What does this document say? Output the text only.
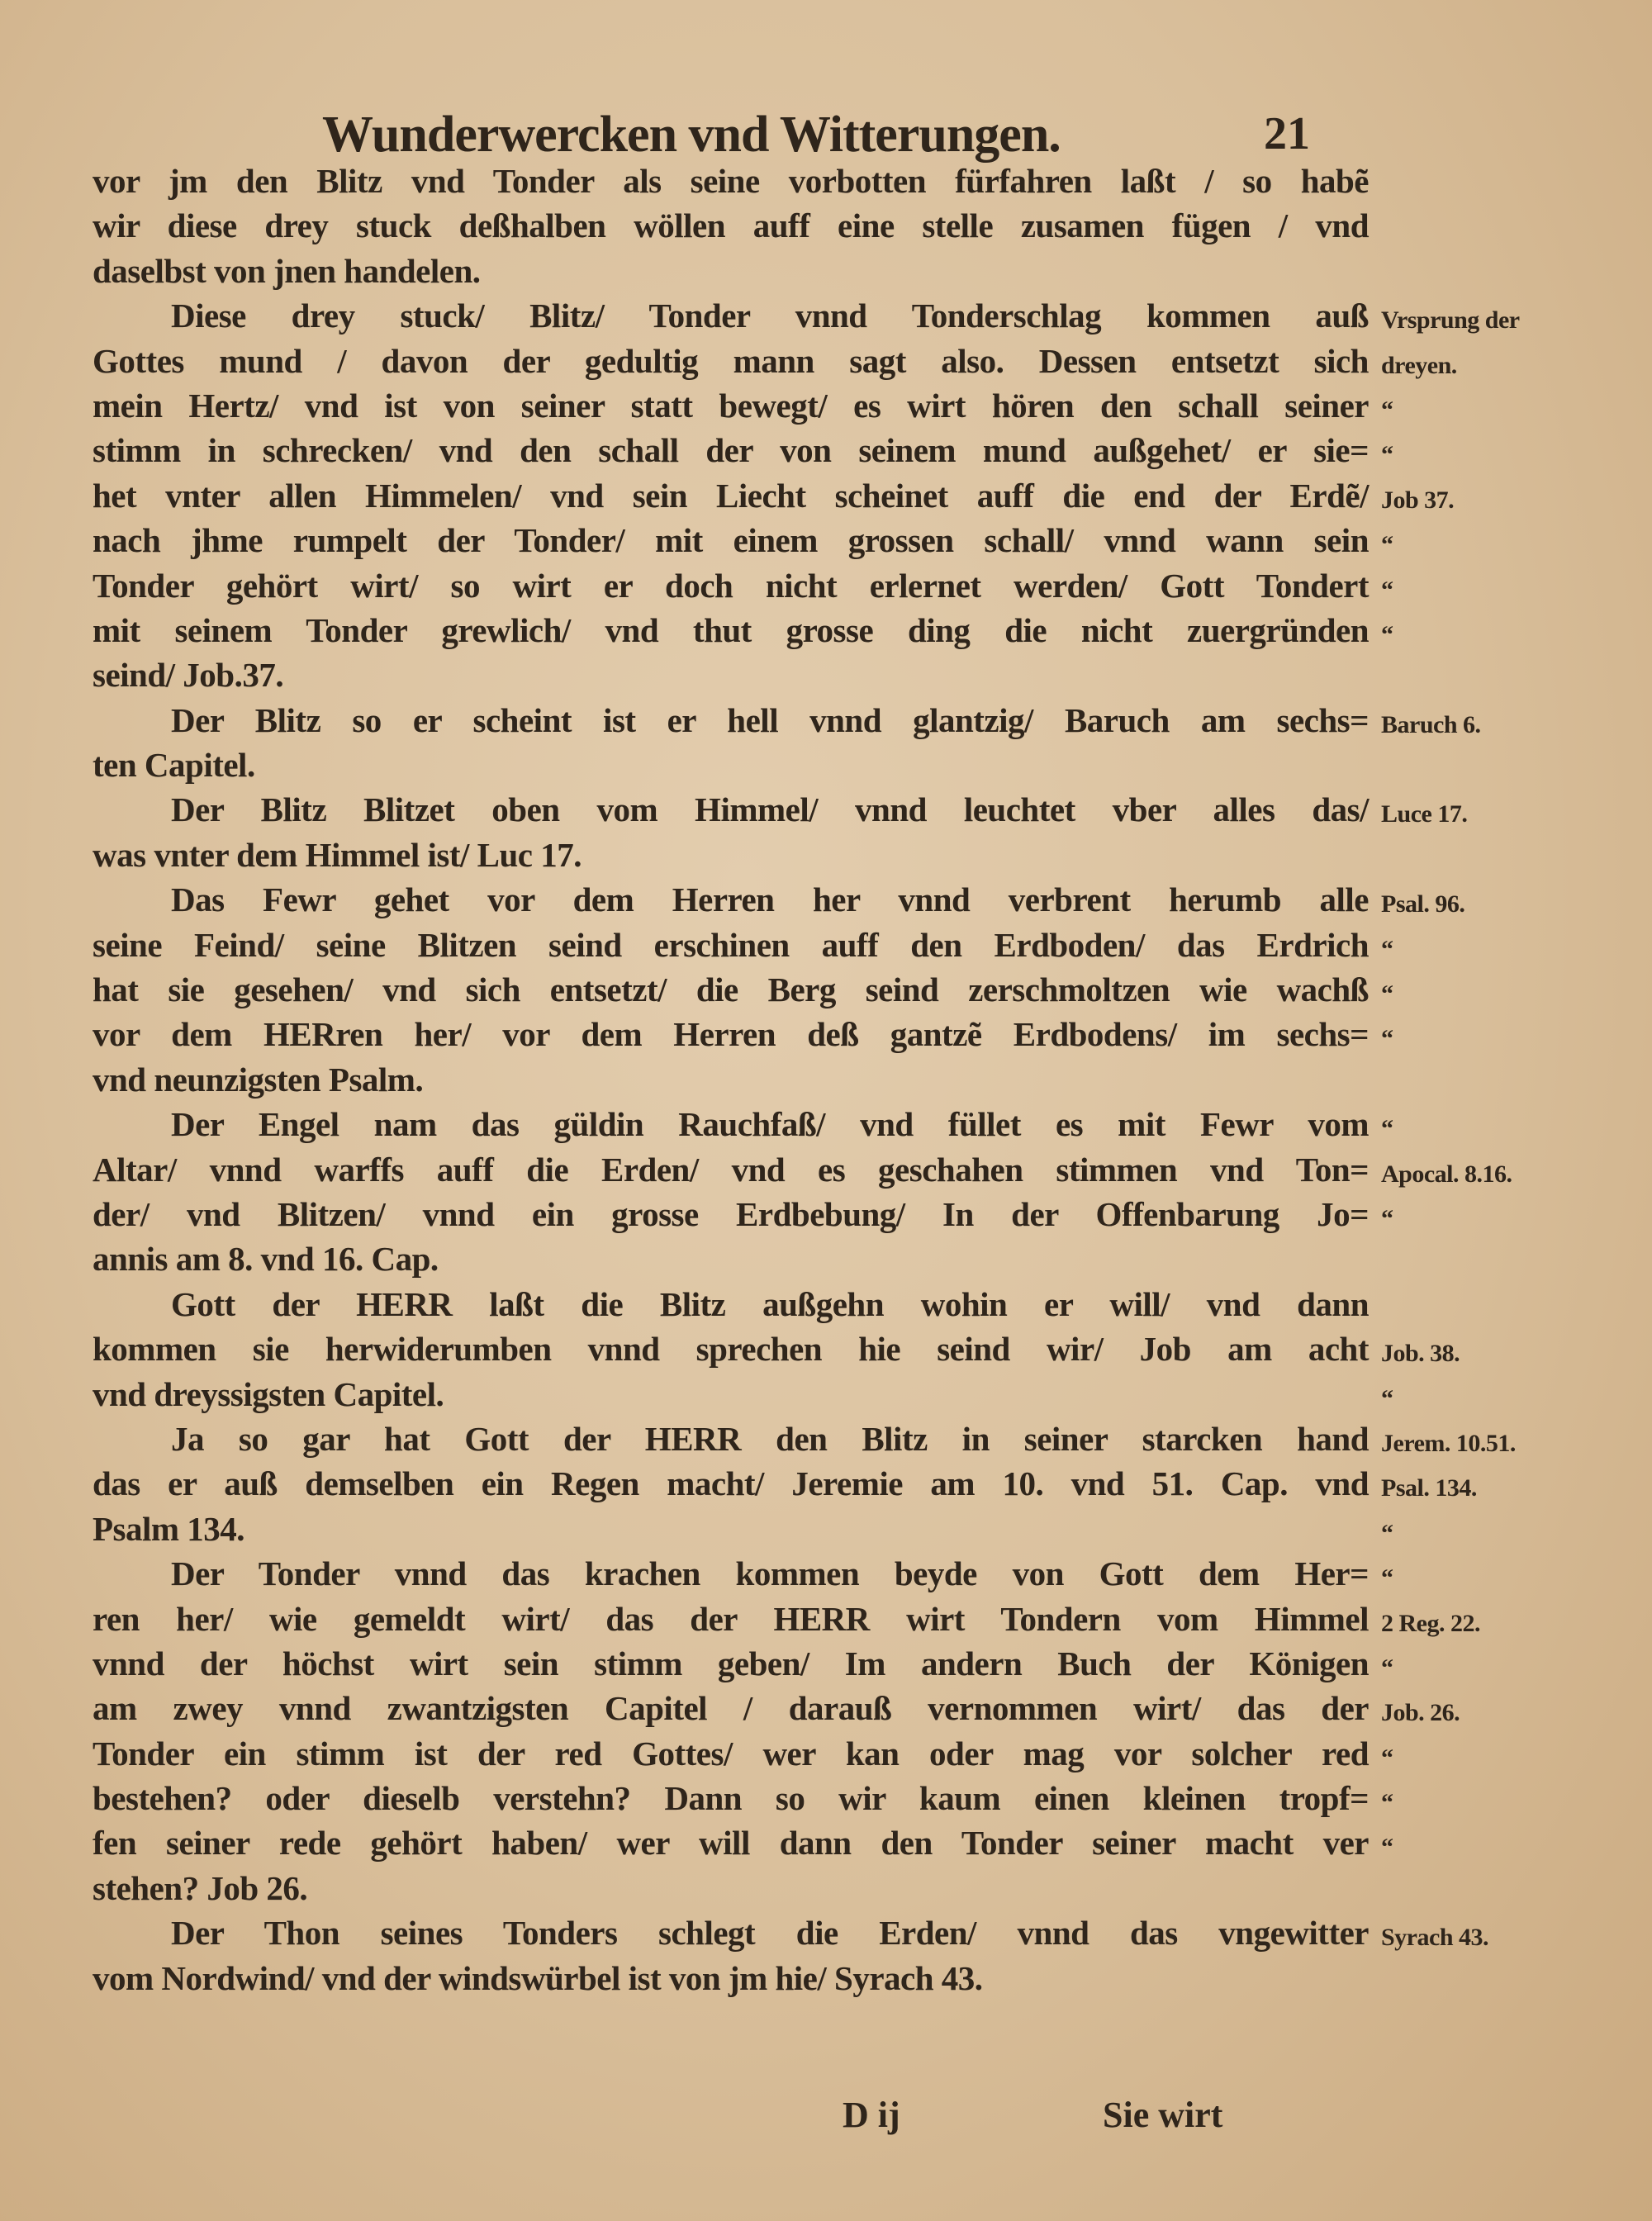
Wunderwercken vnd Witterungen.	21
vor jm den Blitz vnd Tonder als seine vorbotten fürfahren laßt / so habẽ
wir diese drey stuck deßhalben wöllen auff eine stelle zusamen fügen / vnd
daselbst von jnen handelen.
Diese drey stuck/ Blitz/ Tonder vnnd Tonderschlag kommen auß Vrsprung der
Gottes mund / davon der gedultig mann sagt also. Dessen entsetzt sich dreyen.
mein Hertz/ vnd ist von seiner statt bewegt/ es wirt hören den schall seiner “
stimm in schrecken/ vnd den schall der von seinem mund außgehet/ er sie= “
het vnter allen Himmelen/ vnd sein Liecht scheinet auff die end der Erdẽ/ Job 37.
nach jhme rumpelt der Tonder/ mit einem grossen schall/ vnnd wann sein “
Tonder gehört wirt/ so wirt er doch nicht erlernet werden/ Gott Tondert “
mit seinem Tonder grewlich/ vnd thut grosse ding die nicht zuergründen “
seind/ Job.37.
Der Blitz so er scheint ist er hell vnnd glantzig/ Baruch am sechs= Baruch 6.
ten Capitel.
Der Blitz Blitzet oben vom Himmel/ vnnd leuchtet vber alles das/ Luce 17.
was vnter dem Himmel ist/ Luc 17.
Das Fewr gehet vor dem Herren her vnnd verbrent herumb alle Psal. 96.
seine Feind/ seine Blitzen seind erschinen auff den Erdboden/ das Erdrich “
hat sie gesehen/ vnd sich entsetzt/ die Berg seind zerschmoltzen wie wachß “
vor dem HERren her/ vor dem Herren deß gantzẽ Erdbodens/ im sechs= “
vnd neunzigsten Psalm.
Der Engel nam das güldin Rauchfaß/ vnd füllet es mit Fewr vom “
Altar/ vnnd warffs auff die Erden/ vnd es geschahen stimmen vnd Ton= Apocal. 8.16.
der/ vnd Blitzen/ vnnd ein grosse Erdbebung/ In der Offenbarung Jo= “
annis am 8. vnd 16. Cap.
Gott der HERR laßt die Blitz außgehn wohin er will/ vnd dann
kommen sie herwiderumben vnnd sprechen hie seind wir/ Job am acht Job. 38.
vnd dreyssigsten Capitel.	“
Ja so gar hat Gott der HERR den Blitz in seiner starcken hand Jerem. 10.51.
das er auß demselben ein Regen macht/ Jeremie am 10. vnd 51. Cap. vnd Psal. 134.
Psalm 134.	“
Der Tonder vnnd das krachen kommen beyde von Gott dem Her= “
ren her/ wie gemeldt wirt/ das der HERR wirt Tondern vom Himmel 2 Reg. 22.
vnnd der höchst wirt sein stimm geben/ Im andern Buch der Königen “
am zwey vnnd zwantzigsten Capitel / darauß vernommen wirt/ das der Job. 26.
Tonder ein stimm ist der red Gottes/ wer kan oder mag vor solcher red “
bestehen? oder dieselb verstehn? Dann so wir kaum einen kleinen tropf= “
fen seiner rede gehört haben/ wer will dann den Tonder seiner macht ver “
stehen? Job 26.
Der Thon seines Tonders schlegt die Erden/ vnnd das vngewitter Syrach 43.
vom Nordwind/ vnd der windswürbel ist von jm hie/ Syrach 43.
D ij	Sie wirt
